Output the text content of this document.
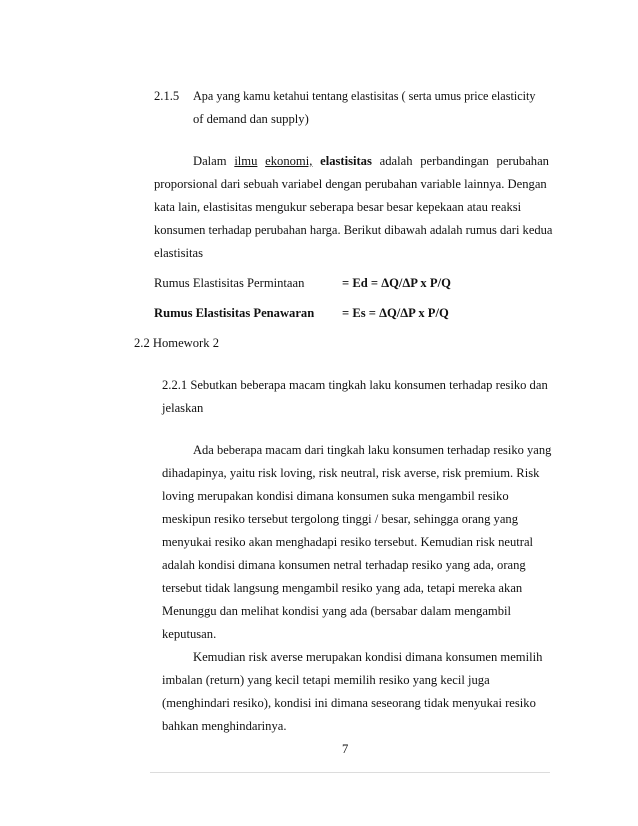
2.1.5 Apa yang kamu ketahui tentang elastisitas ( serta umus price elasticity
of demand dan supply)
Dalam ilmu ekonomi, elastisitas adalah perbandingan perubahan
proporsional dari sebuah variabel dengan perubahan variable lainnya. Dengan
kata lain, elastisitas mengukur seberapa besar besar kepekaan atau reaksi
konsumen terhadap perubahan harga. Berikut dibawah adalah rumus dari kedua
elastisitas
Rumus Elastisitas Permintaan	= Ed = ΔQ/ΔP x P/Q
Rumus Elastisitas Penawaran = Es = ΔQ/ΔP x P/Q
2.2 Homework 2
2.2.1 Sebutkan beberapa macam tingkah laku konsumen terhadap resiko dan
jelaskan
Ada beberapa macam dari tingkah laku konsumen terhadap resiko yang
dihadapinya, yaitu risk loving, risk neutral, risk averse, risk premium. Risk
loving merupakan kondisi dimana konsumen suka mengambil resiko
meskipun resiko tersebut tergolong tinggi / besar, sehingga orang yang
menyukai resiko akan menghadapi resiko tersebut. Kemudian risk neutral
adalah kondisi dimana konsumen netral terhadap resiko yang ada, orang
tersebut tidak langsung mengambil resiko yang ada, tetapi mereka akan
Menunggu dan melihat kondisi yang ada (bersabar dalam mengambil
keputusan.
Kemudian risk averse merupakan kondisi dimana konsumen memilih
imbalan (return) yang kecil tetapi memilih resiko yang kecil juga
(menghindari resiko), kondisi ini dimana seseorang tidak menyukai resiko
bahkan menghindarinya.
7
